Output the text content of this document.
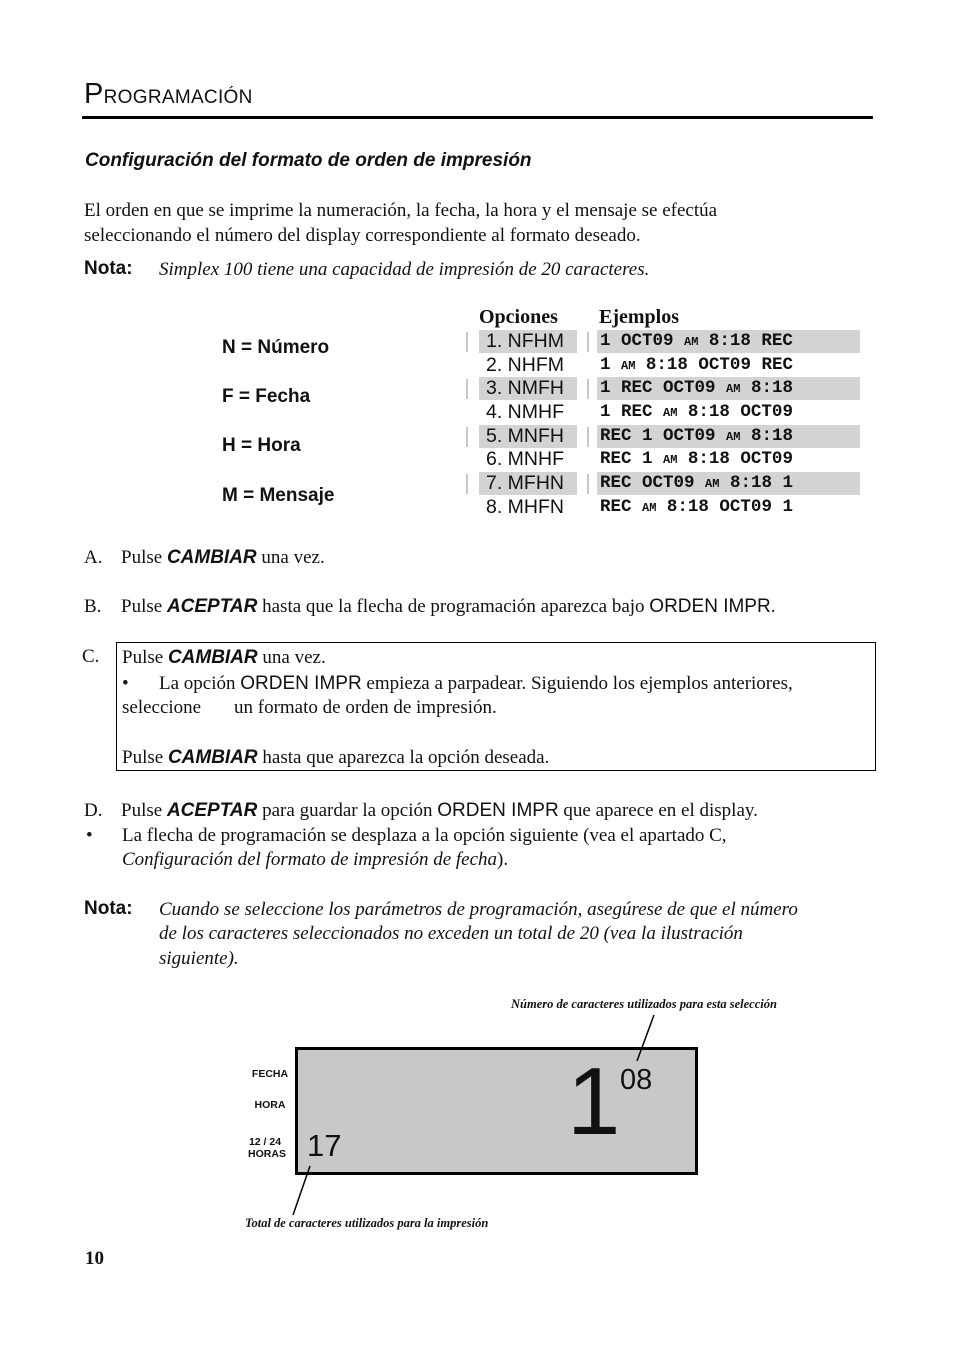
PROGRAMACIÓN
Configuración del formato de orden de impresión
El orden en que se imprime la numeración, la fecha, la hora y el mensaje se efectúa
seleccionando el número del display correspondiente al formato deseado.
Nota: Simplex 100 tiene una capacidad de impresión de 20 caracteres.
N = Número
F = Fecha
H = Hora
M = Mensaje
Opciones Ejemplos
1. NFHM
2. NHFM
3. NMFH
4. NMHF
5. MNFH
6. MNHF
7. MFHN
8. MHFN
1 OCT09 AM 8:18 REC
1 AM 8:18 OCT09 REC
1 REC OCT09 AM 8:18
1 REC AM 8:18 OCT09
REC 1 OCT09 AM 8:18
REC 1 AM 8:18 OCT09
REC OCT09 AM 8:18 1
REC AM 8:18 OCT09 1
A. Pulse CAMBIAR una vez.
B. Pulse ACEPTAR hasta que la flecha de programación aparezca bajo ORDEN IMPR.
C. Pulse CAMBIAR una vez.
• La opción ORDEN IMPR empieza a parpadear. Siguiendo los ejemplos anteriores,
seleccione un formato de orden de impresión.
Pulse CAMBIAR hasta que aparezca la opción deseada.
D. Pulse ACEPTAR para guardar la opción ORDEN IMPR que aparece en el display.
• La flecha de programación se desplaza a la opción siguiente (vea el apartado C,
Configuración del formato de impresión de fecha).
Nota: Cuando se seleccione los parámetros de programación, asegúrese de que el número
de los caracteres seleccionados no exceden un total de 20 (vea la ilustración
siguiente).
Número de caracteres utilizados para esta selección
FECHA
HORA
12 / 24
HORAS	1 08
17
Total de caracteres utilizados para la impresión
10
